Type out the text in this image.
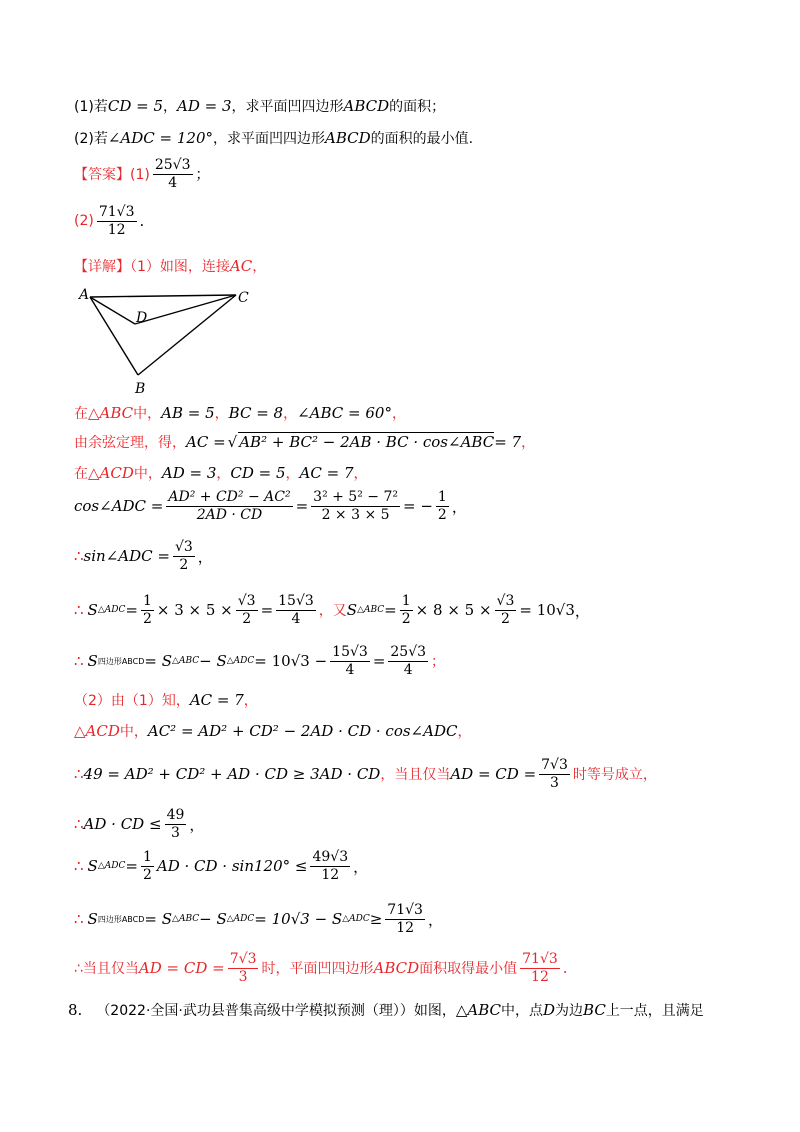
(1)若 CD = 5 ， AD = 3 ，求平面凹四边形 ABCD 的面积；
(2)若 ∠ADC = 120° ，求平面凹四边形 ABCD 的面积的最小值.
【答案】$(1) \frac{25√3}{4}$ ；
$(2) \frac{71√3}{12}$ .
【详解】（1）如图，连接 AC ，
A	C
D
B
在 △ABC 中， AB = 5 ， BC = 8 ， ∠ABC = 60° ，
由余弦定理，得， AC = √ AB² + BC² − 2AB · BC · cos∠ABC = 7 ，
在 △ACD 中， AD = 3 ， CD = 5 ， AC = 7 ，
cos∠ADC = $\frac{\text{AD² + CD² − AC²}}{2AD \cdot CD} = \frac{\text{3² + 5² − 7²}}{2 \times 3 \times 5}$ = − $\frac{1}{2}$ ，
∴ sin∠ADC = $\frac{√3}{2}$ ，
∴ S △ADC = $\frac{1}{2} \times 3 \times 5 \times \frac{√3}{2} = \frac{15√3}{4}$ ，又 S △ABC = $\frac{1}{2} \times 8 \times 5 \times \frac{√3}{2} = 10√3$ ，
∴ S 四边形ABCD = S △ABC − S △ADC = $10√3 - \frac{15√3}{4} = \frac{25√3}{4}$ ；
（2）由（1）知， AC = 7 ，
△ACD 中， AC² = AD² + CD² − 2AD · CD · cos∠ADC ，
∴ 49 = AD² + CD² + AD · CD ≥ 3AD · CD ，当且仅当 AD = CD = $\frac{7√3}{3}$ 时等号成立，
∴ AD · CD ≤ $\frac{49}{3}$ ，
∴ S △ADC = $\frac{1}{2}$ AD · CD · $\sin 120^\circ \le \frac{49√3}{12}$ ，
∴ S 四边形ABCD = S △ABC − S △ADC = 10√3 − S △ADC ≥ $\frac{71√3}{12}$ ，
∴当且仅当 AD = CD = $\frac{7√3}{3}$ 时，平面凹四边形 ABCD 面积取得最小值 $\frac{71√3}{12}$ .
8. （2022·全国·武功县普集高级中学模拟预测（理））如图， △ABC 中，点 D 为边 BC 上一点，且满足
